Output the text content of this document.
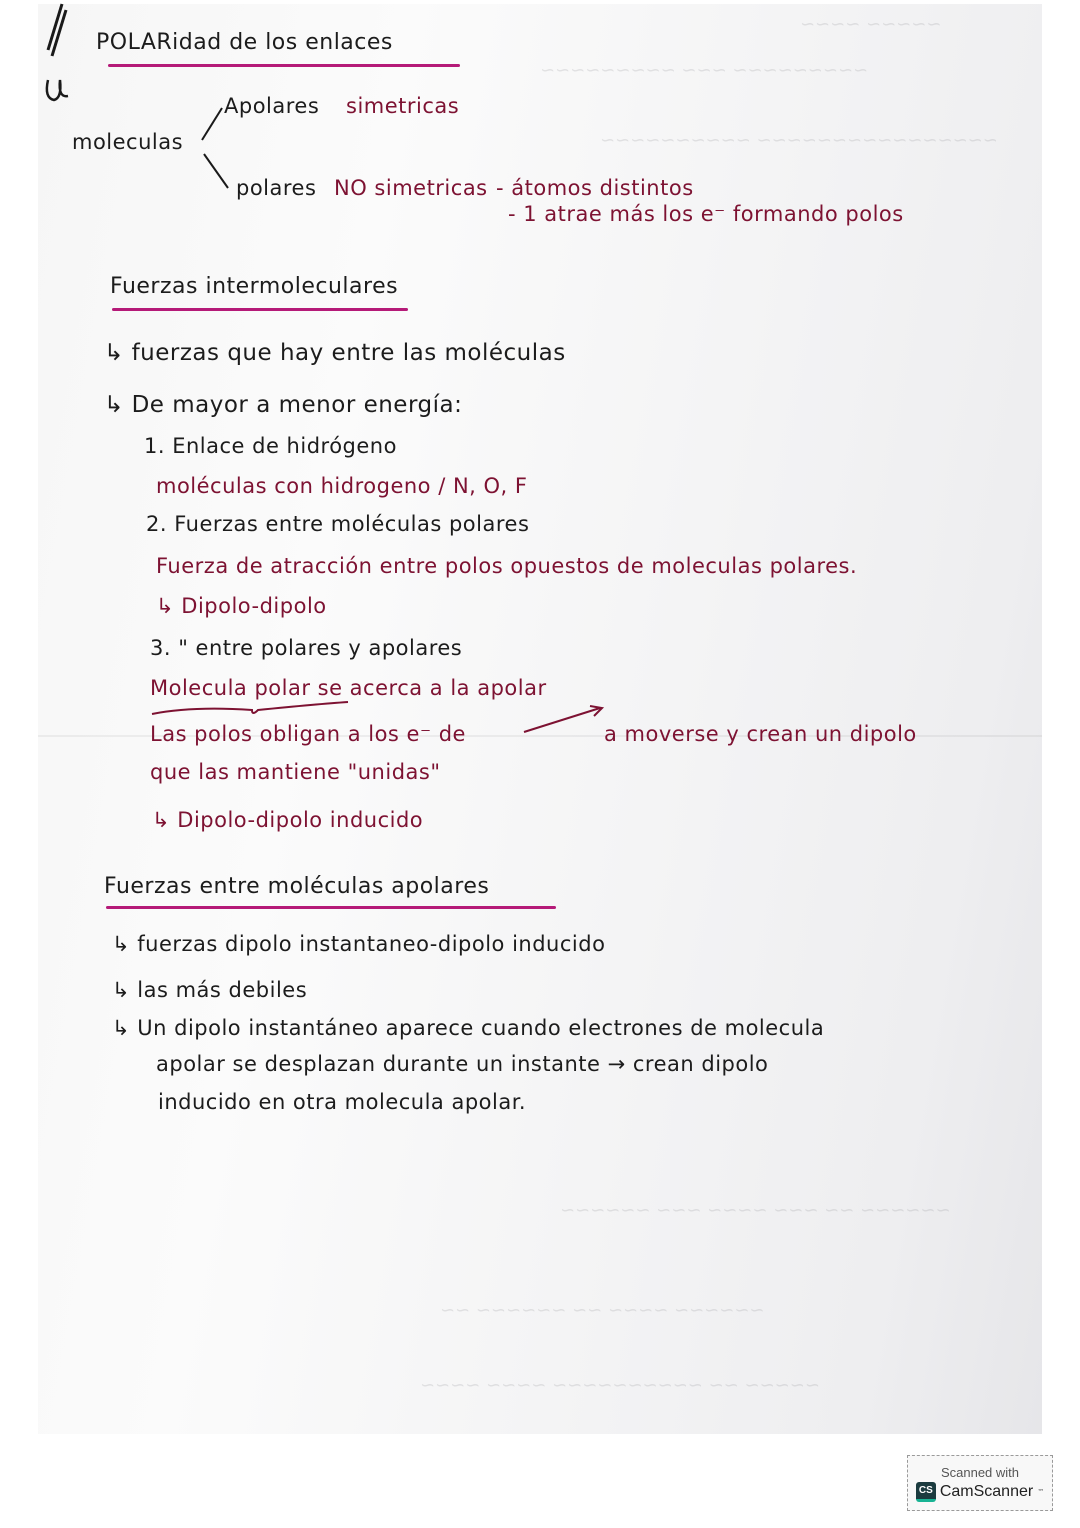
~~~~~ ~~~~
~~~~~~~~~ ~~~ ~~~~~~~~~
~~~~~~~~~~~~~~~~ ~~~~~~~~~~
~~~~~~ ~~ ~~~ ~~~~ ~~~ ~~~~~~
~~~~~~ ~~~~ ~~ ~~~~~~ ~~
~~~~~ ~~ ~~~~~~~~~~ ~~~~ ~~~~
POLARidad de los enlaces
Apolares simetricas
moleculas
polares NO simetricas - átomos distintos
- 1 atrae más los e⁻ formando polos
Fuerzas intermoleculares
↳ fuerzas que hay entre las moléculas
↳ De mayor a menor energía:
1. Enlace de hidrógeno
moléculas con hidrogeno / N, O, F
2. Fuerzas entre moléculas polares
Fuerza de atracción entre polos opuestos de moleculas polares.
↳ Dipolo-dipolo
3. " entre polares y apolares
Molecula polar se acerca a la apolar
Las polos obligan a los e⁻ de	a moverse y crean un dipolo
que las mantiene "unidas"
↳ Dipolo-dipolo inducido
Fuerzas entre moléculas apolares
↳ fuerzas dipolo instantaneo-dipolo inducido
↳ las más debiles
↳ Un dipolo instantáneo aparece cuando electrones de molecula
apolar se desplazan durante un instante → crean dipolo
inducido en otra molecula apolar.
Scanned with
CS CamScanner ™
